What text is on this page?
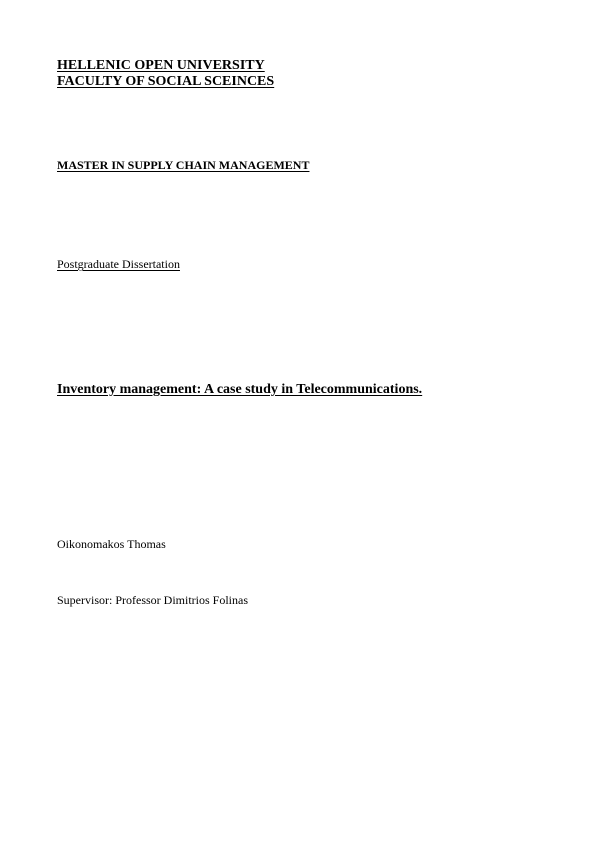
HELLENIC OPEN UNIVERSITY
FACULTY OF SOCIAL SCEINCES
MASTER IN SUPPLY CHAIN MANAGEMENT
Postgraduate Dissertation
Inventory management: A case study in Telecommunications.
Oikonomakos Thomas
Supervisor: Professor Dimitrios Folinas
